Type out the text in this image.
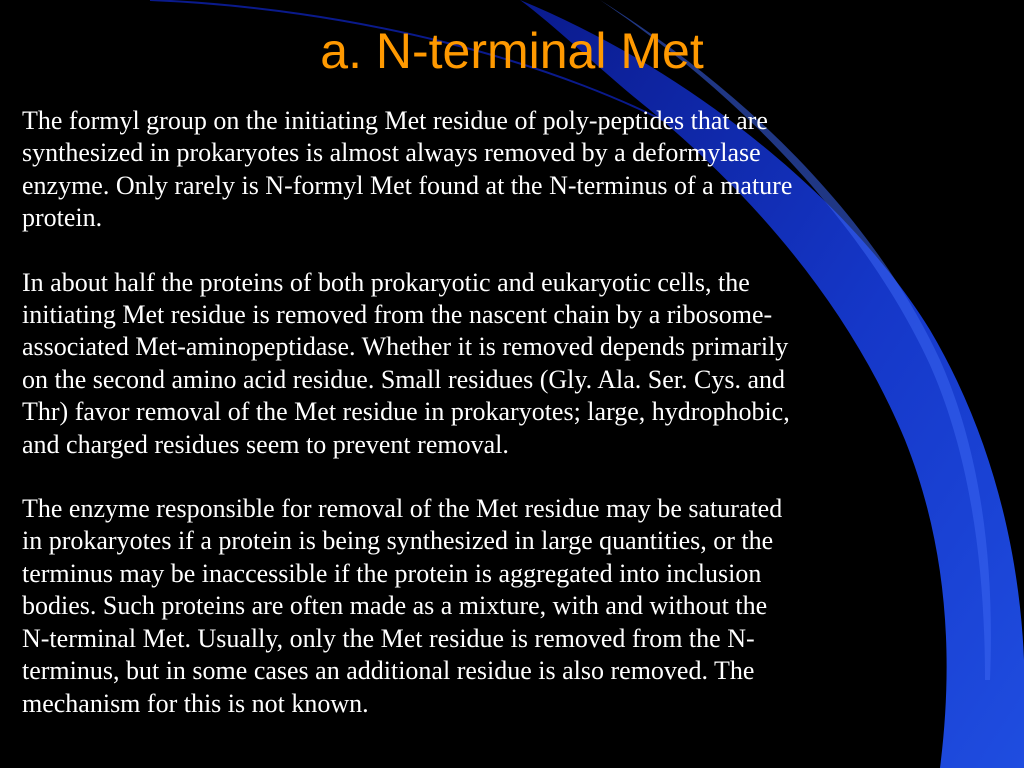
a. N-terminal Met

The formyl group on the initiating Met residue of poly-peptides that are

synthesized in prokaryotes is almost always removed by a deformylase

enzyme. Only rarely is N-formyl Met found at the N-terminus of a mature

protein.

In about half the proteins of both prokaryotic and eukaryotic cells, the

initiating Met residue is removed from the nascent chain by a ribosome-

associated Met-aminopeptidase. Whether it is removed depends primarily

on the second amino acid residue. Small residues (Gly. Ala. Ser. Cys. and

Thr) favor removal of the Met residue in prokaryotes; large, hydrophobic,

and charged residues seem to prevent removal.

The enzyme responsible for removal of the Met residue may be saturated

in prokaryotes if a protein is being synthesized in large quantities, or the

terminus may be inaccessible if the protein is aggregated into inclusion

bodies. Such proteins are often made as a mixture, with and without the

N-terminal Met. Usually, only the Met residue is removed from the N-

terminus, but in some cases an additional residue is also removed. The

mechanism for this is not known.
